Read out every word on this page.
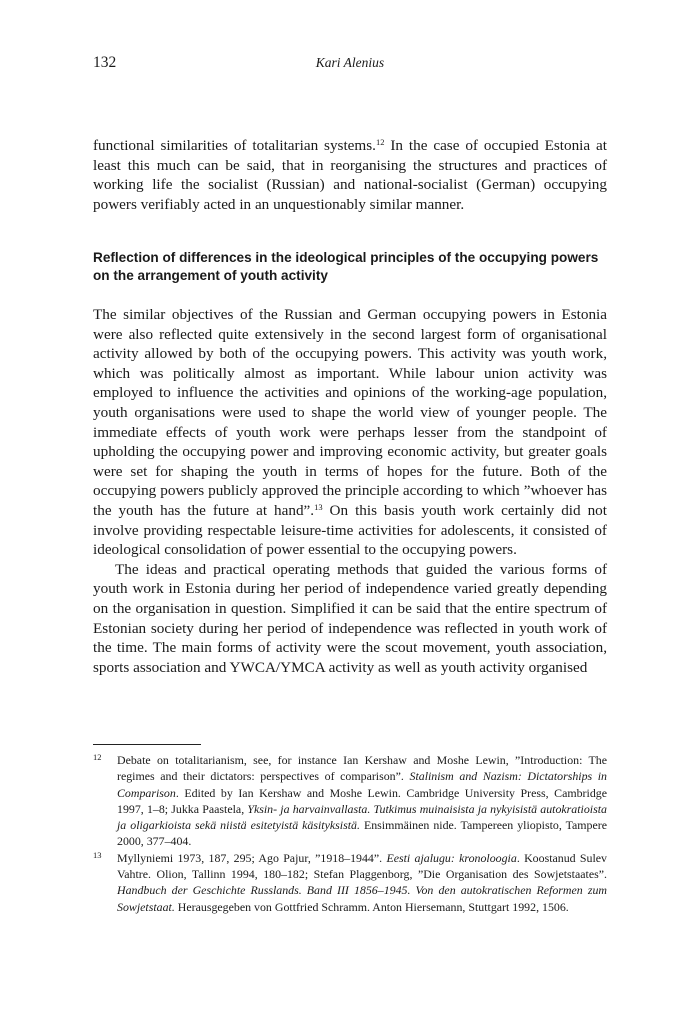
132	Kari Alenius

functional similarities of totalitarian systems.$^{12}$ In the case of occupied Estonia at least this much can be said, that in reorganising the structures and practices of working life the socialist (Russian) and national-socialist (German) occupying powers verifiably acted in an unquestionably similar manner.

Reflection of differences in the ideological principles of the occupying powers on the arrangement of youth activity

The similar objectives of the Russian and German occupying powers in Estonia were also reflected quite extensively in the second largest form of organisational activity allowed by both of the occupying powers. This activity was youth work, which was politically almost as important. While labour union activity was employed to influence the activities and opinions of the working-age population, youth organisations were used to shape the world view of younger people. The immediate effects of youth work were perhaps lesser from the standpoint of upholding the occupying power and improving economic activity, but greater goals were set for shaping the youth in terms of hopes for the future. Both of the occupying powers publicly approved the principle according to which ”whoever has the youth has the future at hand”.$^{13}$ On this basis youth work certainly did not involve providing respectable leisure-time activities for adolescents, it consisted of ideological consolidation of power essential to the occupying powers.

The ideas and practical operating methods that guided the various forms of youth work in Estonia during her period of independence varied greatly depending on the organisation in question. Simplified it can be said that the entire spectrum of Estonian society during her period of independence was reflected in youth work of the time. The main forms of activity were the scout movement, youth association, sports association and YWCA/YMCA activity as well as youth activity organised

12 Debate on totalitarianism, see, for instance Ian Kershaw and Moshe Lewin, ”Introduction: The regimes and their dictators: perspectives of comparison”. Stalinism and Nazism: Dictatorships in Comparison. Edited by Ian Kershaw and Moshe Lewin. Cambridge University Press, Cambridge 1997, 1–8; Jukka Paastela, Yksin- ja harvainvallasta. Tutkimus muinaisista ja nykyisistä autokratioista ja oligarkioista sekä niistä esitetyistä käsityksistä. Ensimmäinen nide. Tampereen yliopisto, Tampere 2000, 377–404.
13 Myllyniemi 1973, 187, 295; Ago Pajur, ”1918–1944”. Eesti ajalugu: kronoloogia. Koostanud Sulev Vahtre. Olion, Tallinn 1994, 180–182; Stefan Plaggenborg, ”Die Organisation des Sowjetstaates”. Handbuch der Geschichte Russlands. Band III 1856–1945. Von den autokratischen Reformen zum Sowjetstaat. Herausgegeben von Gottfried Schramm. Anton Hiersemann, Stuttgart 1992, 1506.
